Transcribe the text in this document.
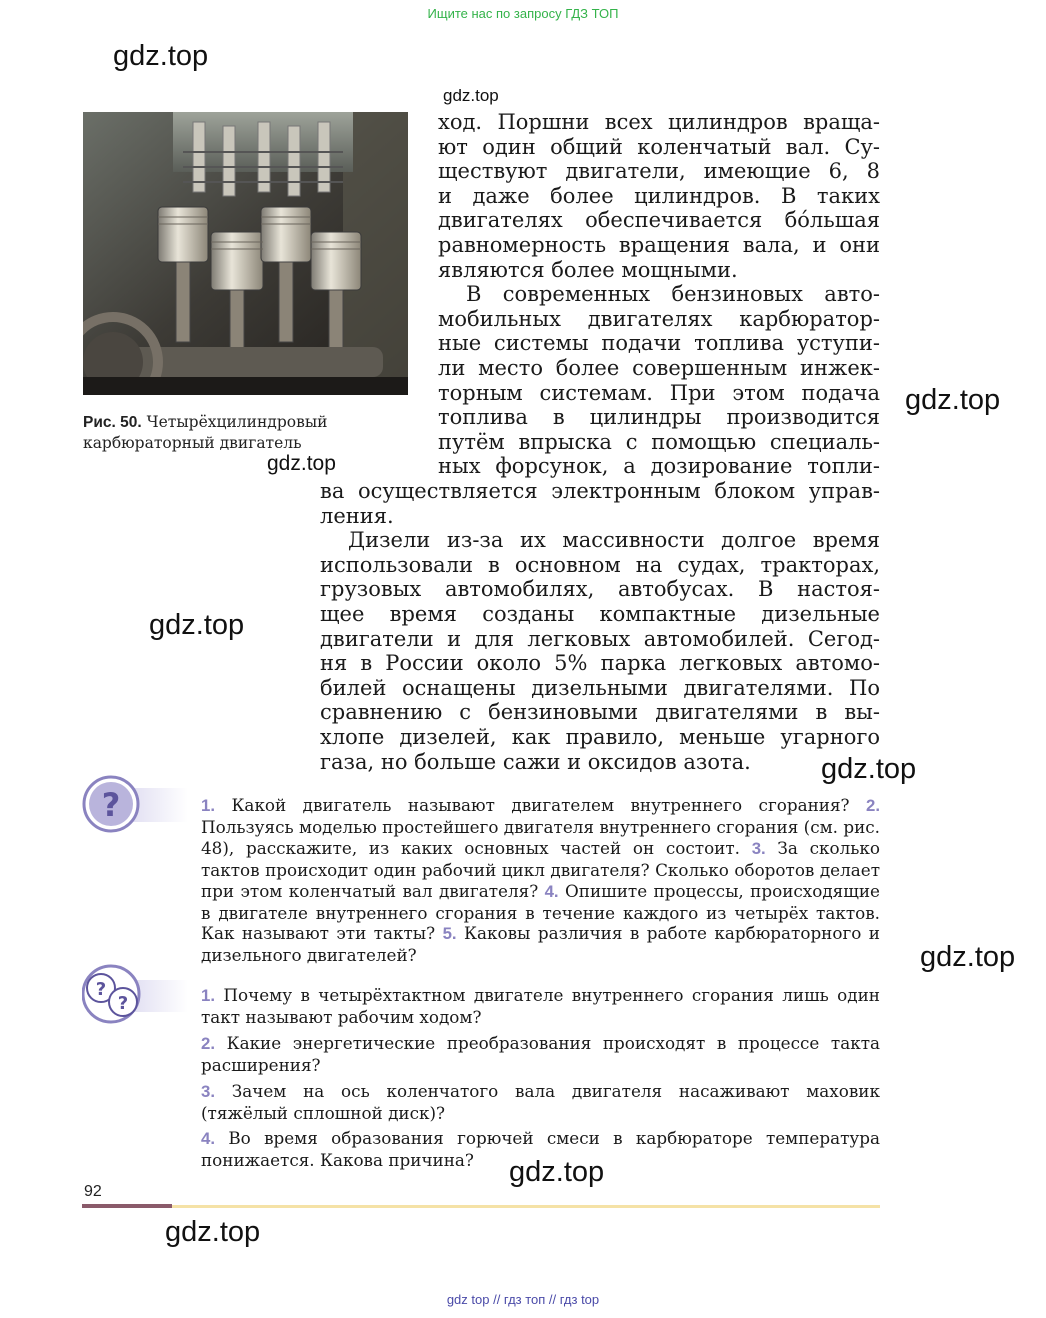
Ищите нас по запросу ГДЗ ТОП
gdz.top
gdz.top
gdz.top
gdz.top
gdz.top
gdz.top
gdz.top
gdz.top
gdz.top
Рис. 50. Четырёхцилиндровый
карбюраторный двигатель
ход. Поршни всех цилиндров враща-
ют один общий коленчатый вал. Су-
ществуют двигатели, имеющие 6, 8
и даже более цилиндров. В таких
двигателях обеспечивается бóльшая
равномерность вращения вала, и они
являются более мощными.
В современных бензиновых авто-
мобильных двигателях карбюратор-
ные системы подачи топлива уступи-
ли место более совершенным инжек-
торным системам. При этом подача
топлива в цилиндры производится
путём впрыска с помощью специаль-
ных форсунок, а дозирование топли-
ва осуществляется электронным блоком управ-
ления.
Дизели из-за их массивности долгое время
использовали в основном на судах, тракторах,
грузовых автомобилях, автобусах. В настоя-
щее время созданы компактные дизельные
двигатели и для легковых автомобилей. Сегод-
ня в России около 5% парка легковых автомо-
билей оснащены дизельными двигателями. По
сравнению с бензиновыми двигателями в вы-
хлопе дизелей, как правило, меньше угарного
газа, но больше сажи и оксидов азота.
?	1. Какой двигатель называют двигателем внутреннего сгорания? 2. Пользуясь моделью простейшего двигателя внутреннего сгорания (см. рис. 48), расскажите, из каких основных частей он состоит. 3. За сколько тактов происходит один рабочий цикл двигателя? Сколько оборотов делает при этом коленчатый вал двигателя? 4. Опишите процессы, происходящие в двигателе внутреннего сгорания в течение каждого из четырёх тактов. Как называют эти такты? 5. Каковы различия в работе карбюраторного и дизельного двигателей?

?
?	1. Почему в четырёхтактном двигателе внутреннего сгорания лишь один такт называют рабочим ходом?

2. Какие энергетические преобразования происходят в процессе такта расширения?

3. Зачем на ось коленчатого вала двигателя насаживают маховик (тяжёлый сплошной диск)?

4. Во время образования горючей смеси в карбюраторе температура понижается. Какова причина?

92
gdz top // гдз топ // гдз top
